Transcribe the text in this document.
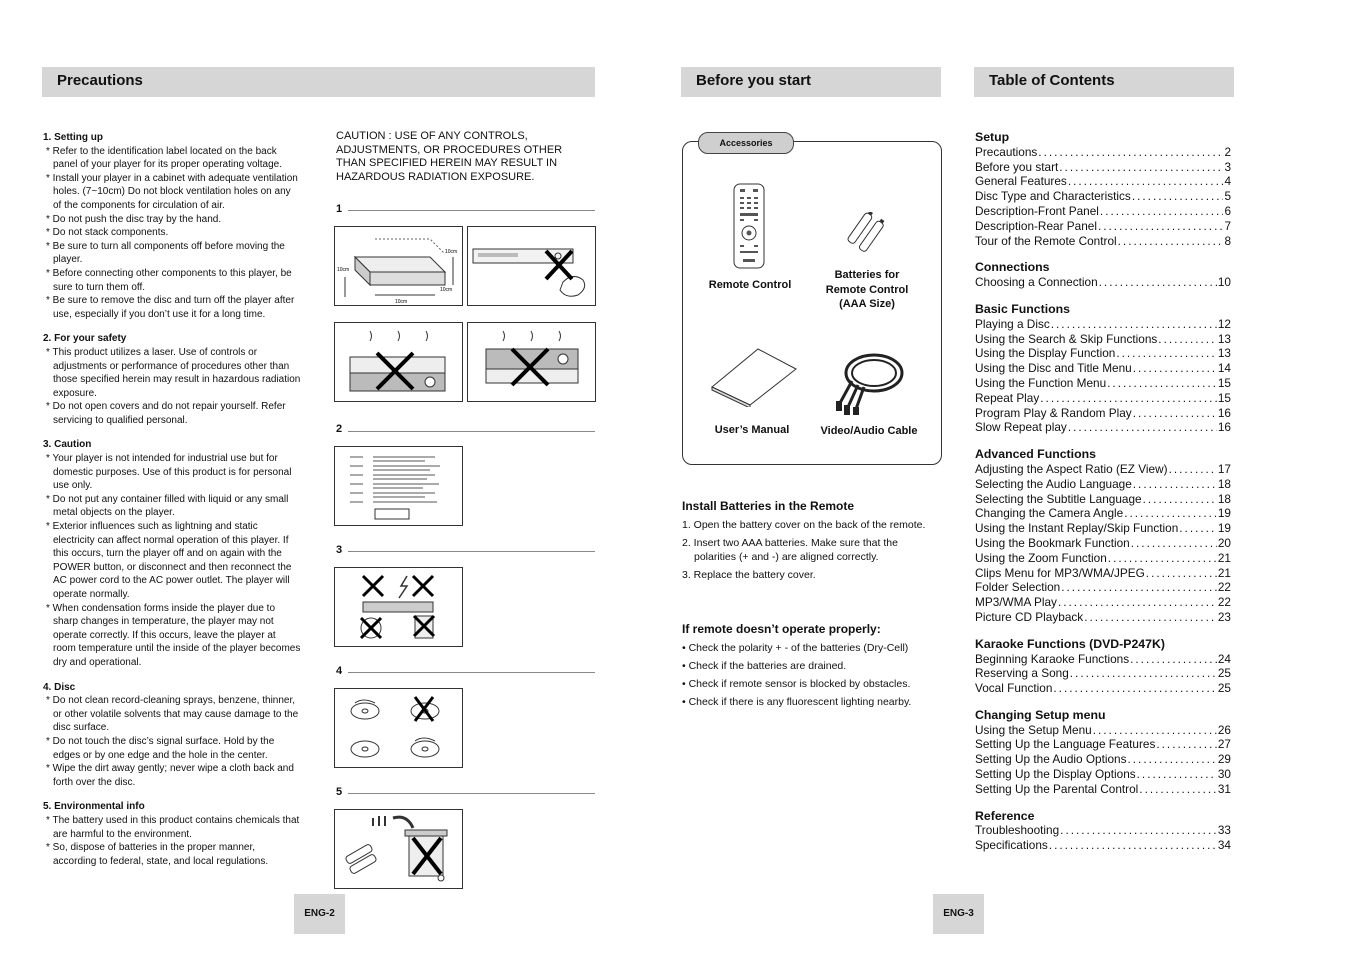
Precautions	Before you start	Table of Contents
1. Setting up
* Refer to the identification label located on the back panel of your player for its proper operating voltage.
* Install your player in a cabinet with adequate ventilation holes. (7~10cm) Do not block ventilation holes on any of the components for circulation of air.
* Do not push the disc tray by the hand.
* Do not stack components.
* Be sure to turn all components off before moving the player.
* Before connecting other components to this player, be sure to turn them off.
* Be sure to remove the disc and turn off the player after use, especially if you don’t use it for a long time.
2. For your safety
* This product utilizes a laser. Use of controls or adjustments or performance of procedures other than those specified herein may result in hazardous radiation exposure.
* Do not open covers and do not repair yourself. Refer servicing to qualified personal.
3. Caution
* Your player is not intended for industrial use but for domestic purposes. Use of this product is for personal use only.
* Do not put any container filled with liquid or any small metal objects on the player.
* Exterior influences such as lightning and static electricity can affect normal operation of this player. If this occurs, turn the player off and on again with the POWER button, or disconnect and then reconnect the AC power cord to the AC power outlet. The player will operate normally.
* When condensation forms inside the player due to sharp changes in temperature, the player may not operate correctly. If this occurs, leave the player at room temperature until the inside of the player becomes dry and operational.
4. Disc
* Do not clean record-cleaning sprays, benzene, thinner, or other volatile solvents that may cause damage to the disc surface.
* Do not touch the disc’s signal surface. Hold by the edges or by one edge and the hole in the center.
* Wipe the dirt away gently; never wipe a cloth back and forth over the disc.
5. Environmental info
* The battery used in this product contains chemicals that are harmful to the environment.
* So, dispose of batteries in the proper manner, according to federal, state, and local regulations.
CAUTION : USE OF ANY CONTROLS, ADJUSTMENTS, OR PROCEDURES OTHER THAN SPECIFIED HEREIN MAY RESULT IN HAZARDOUS RADIATION EXPOSURE.
1
2
3
4
5
10cm
10cm
10cm
10cm
ENG-2
Accessories
Remote Control
Batteries for Remote Control (AAA Size)
User’s Manual	Video/Audio Cable
Install Batteries in the Remote
1. Open the battery cover on the back of the remote.
2. Insert two AAA batteries. Make sure that the polarities (+ and -) are aligned correctly.
3. Replace the battery cover.
If remote doesn’t operate properly:
• Check the polarity + - of the batteries (Dry-Cell)
• Check if the batteries are drained.
• Check if remote sensor is blocked by obstacles.
• Check if there is any fluorescent lighting nearby.
ENG-3
Setup
Precautions .....	2
Before you start .....	3
General Features .....	4
Disc Type and Characteristics .....	5
Description-Front Panel .....	6
Description-Rear Panel .....	7
Tour of the Remote Control .....	8
Connections
Choosing a Connection .....	10
Basic Functions
Playing a Disc .....	12
Using the Search & Skip Functions .....	13
Using the Display Function .....	13
Using the Disc and Title Menu .....	14
Using the Function Menu .....	15
Repeat Play .....	15
Program Play & Random Play .....	16
Slow Repeat play .....	16
Advanced Functions
Adjusting the Aspect Ratio (EZ View) .....	17
Selecting the Audio Language .....	18
Selecting the Subtitle Language .....	18
Changing the Camera Angle .....	19
Using the Instant Replay/Skip Function .....	19
Using the Bookmark Function .....	20
Using the Zoom Function .....	21
Clips Menu for MP3/WMA/JPEG .....	21
Folder Selection .....	22
MP3/WMA Play .....	22
Picture CD Playback .....	23
Karaoke Functions (DVD-P247K)
Beginning Karaoke Functions .....	24
Reserving a Song .....	25
Vocal Function .....	25
Changing Setup menu
Using the Setup Menu .....	26
Setting Up the Language Features .....	27
Setting Up the Audio Options .....	29
Setting Up the Display Options .....	30
Setting Up the Parental Control .....	31
Reference
Troubleshooting .....	33
Specifications .....	34
